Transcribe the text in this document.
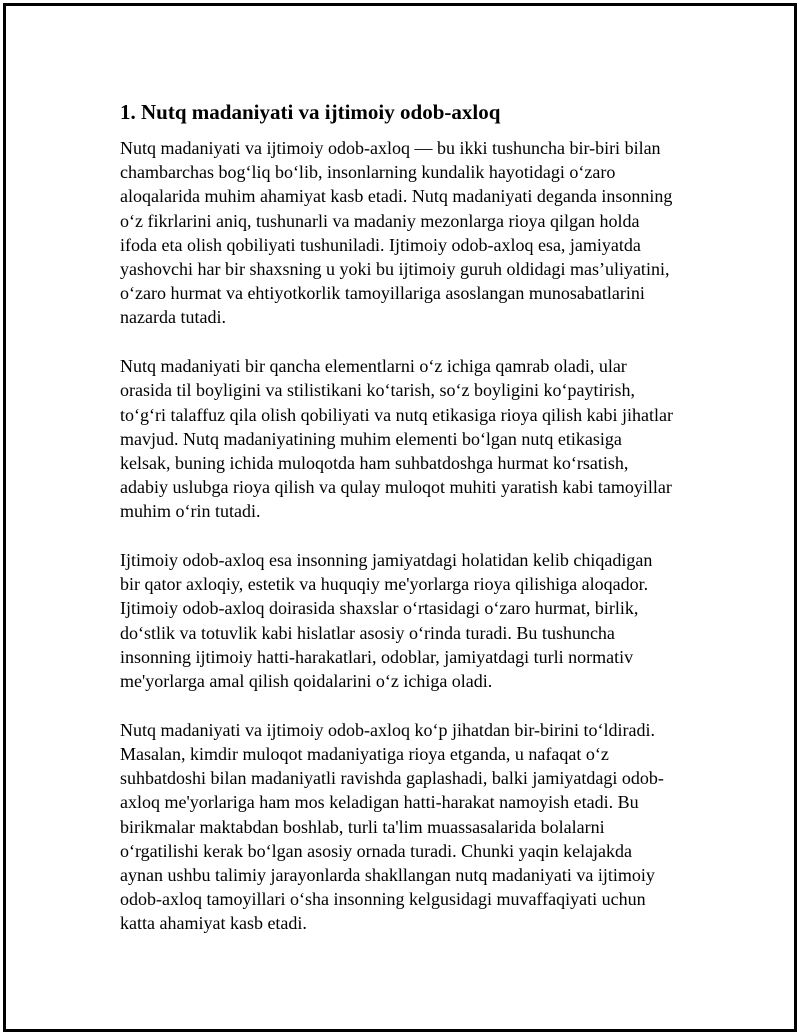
1. Nutq madaniyati va ijtimoiy odob-axloq

Nutq madaniyati va ijtimoiy odob-axloq — bu ikki tushuncha bir-biri bilan
chambarchas bog‘liq bo‘lib, insonlarning kundalik hayotidagi o‘zaro
aloqalarida muhim ahamiyat kasb etadi. Nutq madaniyati deganda insonning
o‘z fikrlarini aniq, tushunarli va madaniy mezonlarga rioya qilgan holda
ifoda eta olish qobiliyati tushuniladi. Ijtimoiy odob-axloq esa, jamiyatda
yashovchi har bir shaxsning u yoki bu ijtimoiy guruh oldidagi mas’uliyatini,
o‘zaro hurmat va ehtiyotkorlik tamoyillariga asoslangan munosabatlarini
nazarda tutadi.

Nutq madaniyati bir qancha elementlarni o‘z ichiga qamrab oladi, ular
orasida til boyligini va stilistikani ko‘tarish, so‘z boyligini ko‘paytirish,
to‘g‘ri talaffuz qila olish qobiliyati va nutq etikasiga rioya qilish kabi jihatlar
mavjud. Nutq madaniyatining muhim elementi bo‘lgan nutq etikasiga
kelsak, buning ichida muloqotda ham suhbatdoshga hurmat ko‘rsatish,
adabiy uslubga rioya qilish va qulay muloqot muhiti yaratish kabi tamoyillar
muhim o‘rin tutadi.

Ijtimoiy odob-axloq esa insonning jamiyatdagi holatidan kelib chiqadigan
bir qator axloqiy, estetik va huquqiy me'yorlarga rioya qilishiga aloqador.
Ijtimoiy odob-axloq doirasida shaxslar o‘rtasidagi o‘zaro hurmat, birlik,
do‘stlik va totuvlik kabi hislatlar asosiy o‘rinda turadi. Bu tushuncha
insonning ijtimoiy hatti-harakatlari, odoblar, jamiyatdagi turli normativ
me'yorlarga amal qilish qoidalarini o‘z ichiga oladi.

Nutq madaniyati va ijtimoiy odob-axloq ko‘p jihatdan bir-birini to‘ldiradi.
Masalan, kimdir muloqot madaniyatiga rioya etganda, u nafaqat o‘z
suhbatdoshi bilan madaniyatli ravishda gaplashadi, balki jamiyatdagi odob-
axloq me'yorlariga ham mos keladigan hatti-harakat namoyish etadi. Bu
birikmalar maktabdan boshlab, turli ta'lim muassasalarida bolalarni
o‘rgatilishi kerak bo‘lgan asosiy ornada turadi. Chunki yaqin kelajakda
aynan ushbu talimiy jarayonlarda shakllangan nutq madaniyati va ijtimoiy
odob-axloq tamoyillari o‘sha insonning kelgusidagi muvaffaqiyati uchun
katta ahamiyat kasb etadi.
